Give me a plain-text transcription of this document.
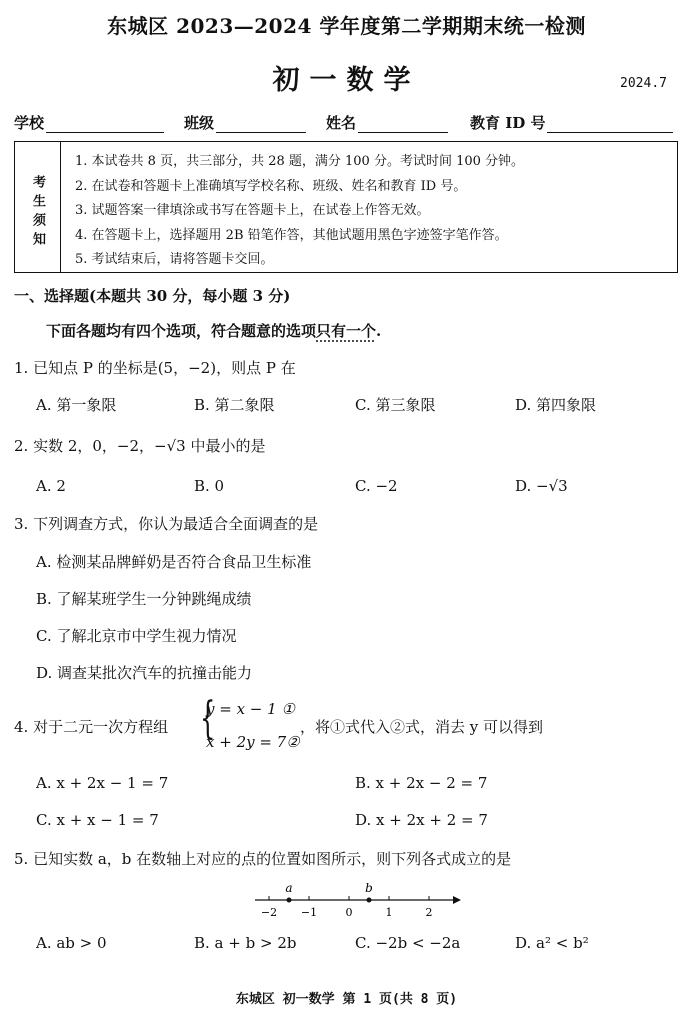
东城区 2023—2024 学年度第二学期期末统一检测
初一数学	2024.7
学校	班级	姓名	教育 ID 号
考生须知
1. 本试卷共 8 页，共三部分，共 28 题，满分 100 分。考试时间 100 分钟。
2. 在试卷和答题卡上准确填写学校名称、班级、姓名和教育 ID 号。
3. 试题答案一律填涂或书写在答题卡上，在试卷上作答无效。
4. 在答题卡上，选择题用 2B 铅笔作答，其他试题用黑色字迹签字笔作答。
5. 考试结束后，请将答题卡交回。
一、选择题(本题共 30 分，每小题 3 分)
下面各题均有四个选项，符合题意的选项只有一个.
1. 已知点 P 的坐标是(5，−2)，则点 P 在
A. 第一象限	B. 第二象限	C. 第三象限	D. 第四象限
2. 实数 2，0，−2，−√3 中最小的是
A. 2	B. 0	C. −2	D. −√3
3. 下列调查方式，你认为最适合全面调查的是
A. 检测某品牌鲜奶是否符合食品卫生标准
B. 了解某班学生一分钟跳绳成绩
C. 了解北京市中学生视力情况
D. 调查某批次汽车的抗撞击能力
4. 对于二元一次方程组 {
y = x − 1 ①
x + 2y = 7②
，将①式代入②式，消去 y 可以得到
A. x + 2x − 1 = 7	B. x + 2x − 2 = 7
C. x + x − 1 = 7	D. x + 2x + 2 = 7
5. 已知实数 a，b 在数轴上对应的点的位置如图所示，则下列各式成立的是
−2 −1	0	1	2
a	b
A. ab > 0	B. a + b > 2b	C. −2b < −2a	D. a² < b²
东城区 初一数学 第 1 页(共 8 页)
